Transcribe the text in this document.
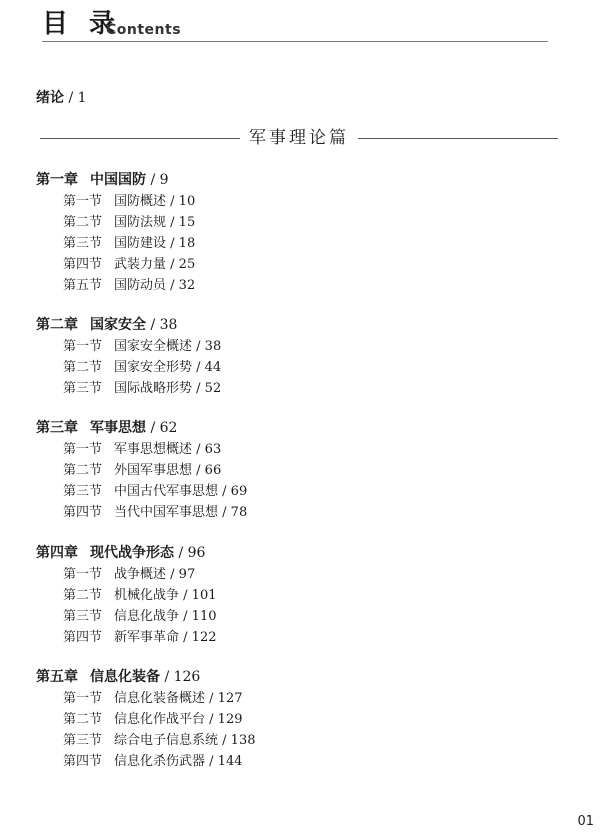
目 录
Contents
绪论 / 1
军事理论篇
第一章 中国国防 / 9
第一节 国防概述 / 10
第二节 国防法规 / 15
第三节 国防建设 / 18
第四节 武装力量 / 25
第五节 国防动员 / 32
第二章 国家安全 / 38
第一节 国家安全概述 / 38
第二节 国家安全形势 / 44
第三节 国际战略形势 / 52
第三章 军事思想 / 62
第一节 军事思想概述 / 63
第二节 外国军事思想 / 66
第三节 中国古代军事思想 / 69
第四节 当代中国军事思想 / 78
第四章 现代战争形态 / 96
第一节 战争概述 / 97
第二节 机械化战争 / 101
第三节 信息化战争 / 110
第四节 新军事革命 / 122
第五章 信息化装备 / 126
第一节 信息化装备概述 / 127
第二节 信息化作战平台 / 129
第三节 综合电子信息系统 / 138
第四节 信息化杀伤武器 / 144
01
